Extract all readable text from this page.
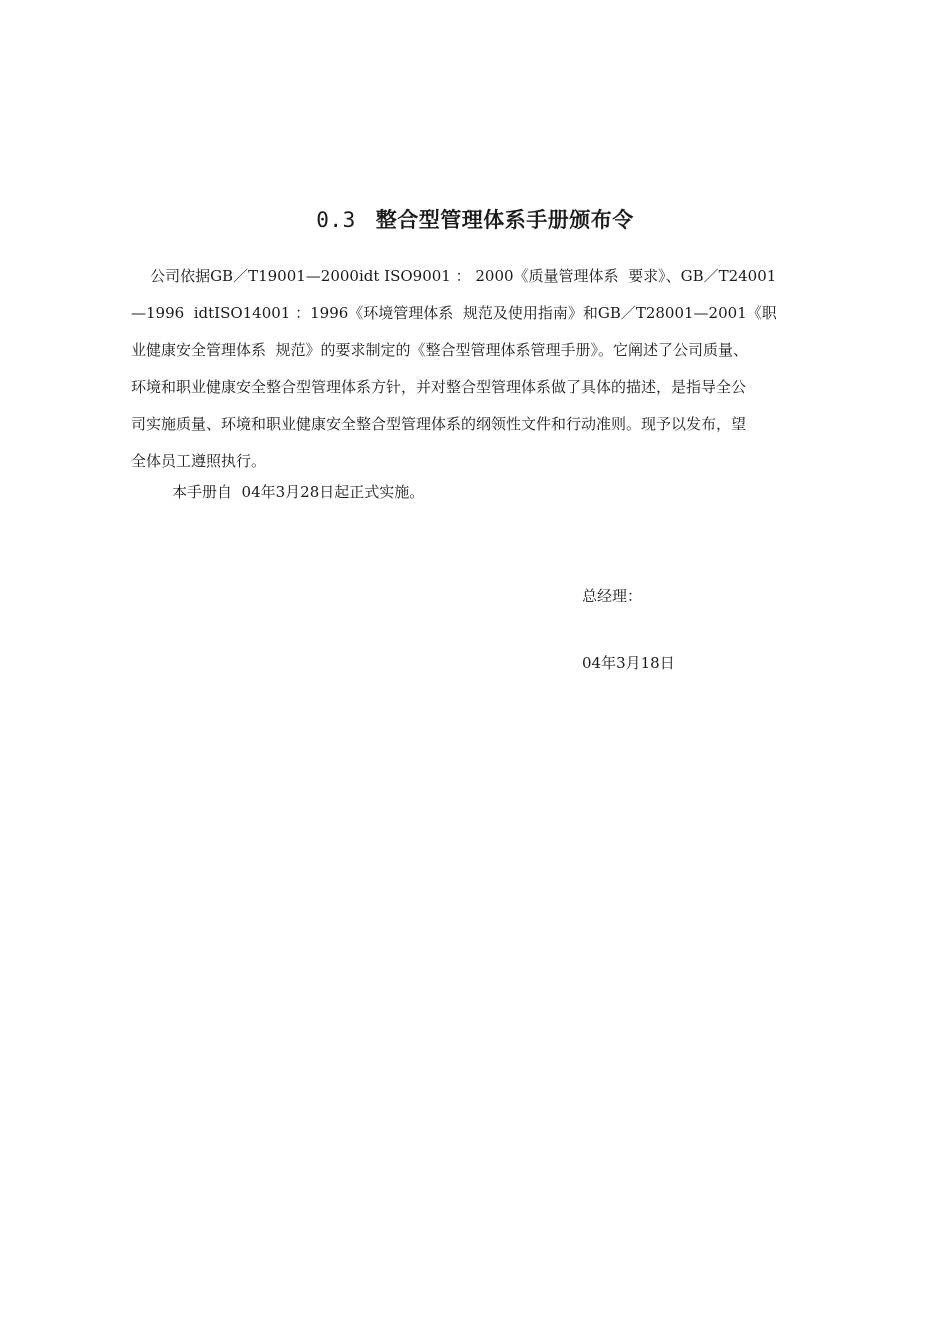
0.3 整合型管理体系手册颁布令
公司依据GB／T19001—2000idt ISO9001 ： 2000《质量管理体系  要求》、GB／T24001
—1996  idtISO14001 ：1996《环境管理体系  规范及使用指南》和GB／T28001—2001《职
业健康安全管理体系  规范》的要求制定的《整合型管理体系管理手册》。它阐述了公司质量、
环境和职业健康安全整合型管理体系方针，并对整合型管理体系做了具体的描述，是指导全公
司实施质量、环境和职业健康安全整合型管理体系的纲领性文件和行动准则。现予以发布，望
全体员工遵照执行。
本手册自  04年3月28日起正式实施。
总经理：
04年3月18日
